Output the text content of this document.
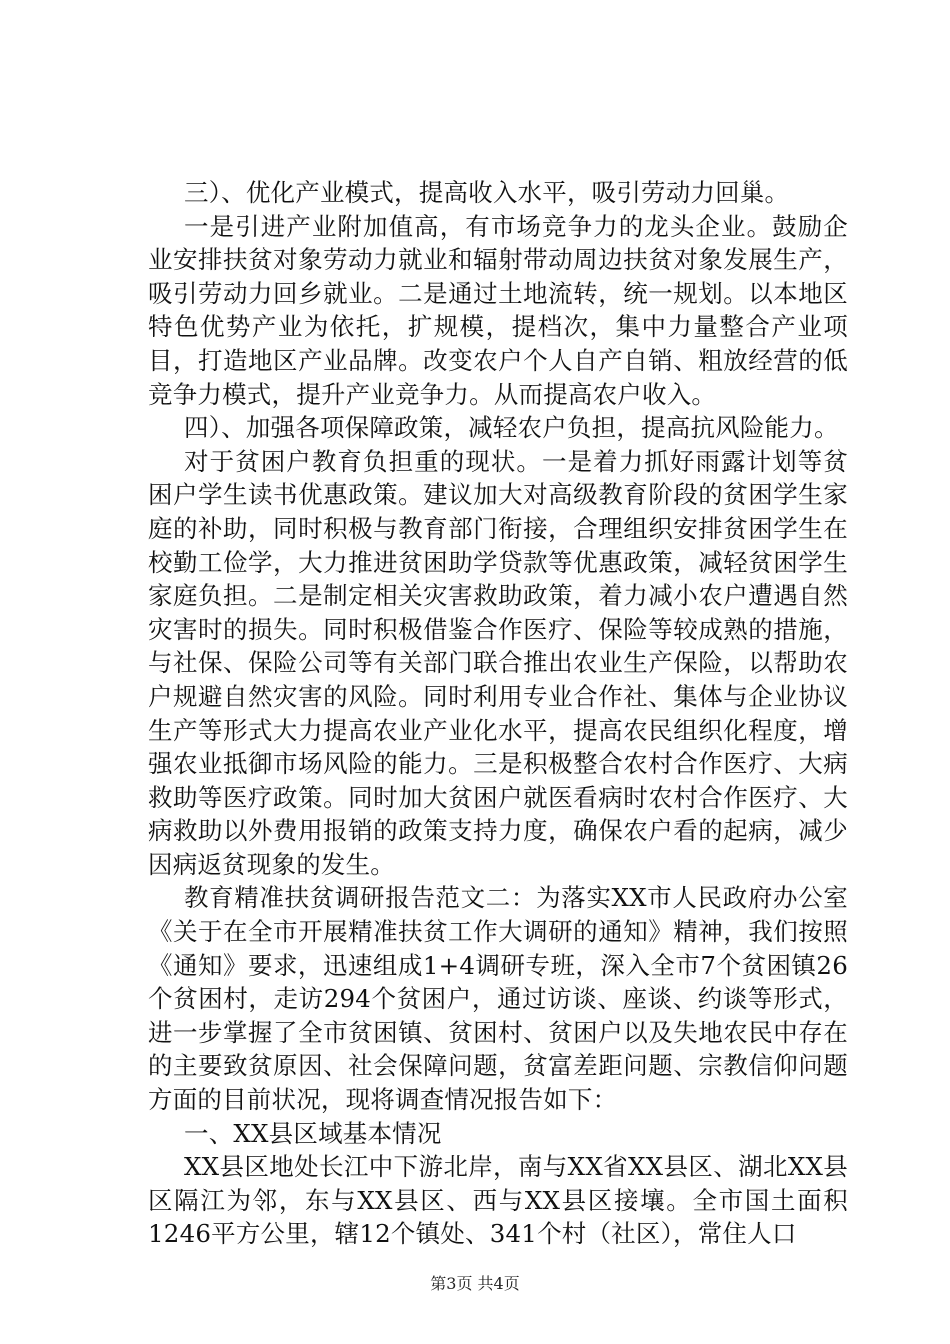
三）、优化产业模式，提高收入水平，吸引劳动力回巢。

一是引进产业附加值高，有市场竞争力的龙头企业。鼓励企业安排扶贫对象劳动力就业和辐射带动周边扶贫对象发展生产，吸引劳动力回乡就业。二是通过土地流转，统一规划。以本地区特色优势产业为依托，扩规模，提档次，集中力量整合产业项目，打造地区产业品牌。改变农户个人自产自销、粗放经营的低竞争力模式，提升产业竞争力。从而提高农户收入。

四）、加强各项保障政策，减轻农户负担，提高抗风险能力。

对于贫困户教育负担重的现状。一是着力抓好雨露计划等贫困户学生读书优惠政策。建议加大对高级教育阶段的贫困学生家庭的补助，同时积极与教育部门衔接，合理组织安排贫困学生在校勤工俭学，大力推进贫困助学贷款等优惠政策，减轻贫困学生家庭负担。二是制定相关灾害救助政策，着力减小农户遭遇自然灾害时的损失。同时积极借鉴合作医疗、保险等较成熟的措施，与社保、保险公司等有关部门联合推出农业生产保险，以帮助农户规避自然灾害的风险。同时利用专业合作社、集体与企业协议生产等形式大力提高农业产业化水平，提高农民组织化程度，增强农业抵御市场风险的能力。三是积极整合农村合作医疗、大病救助等医疗政策。同时加大贫困户就医看病时农村合作医疗、大病救助以外费用报销的政策支持力度，确保农户看的起病，减少因病返贫现象的发生。

教育精准扶贫调研报告范文二：为落实XX市人民政府办公室《关于在全市开展精准扶贫工作大调研的通知》精神，我们按照《通知》要求，迅速组成1+4调研专班，深入全市7个贫困镇26个贫困村，走访294个贫困户，通过访谈、座谈、约谈等形式，进一步掌握了全市贫困镇、贫困村、贫困户以及失地农民中存在的主要致贫原因、社会保障问题，贫富差距问题、宗教信仰问题方面的目前状况，现将调查情况报告如下：

一、XX县区域基本情况

XX县区地处长江中下游北岸，南与XX省XX县区、湖北XX县区隔江为邻，东与XX县区、西与XX县区接壤。全市国土面积1246平方公里，辖12个镇处、341个村（社区），常住人口

第3页 共4页
